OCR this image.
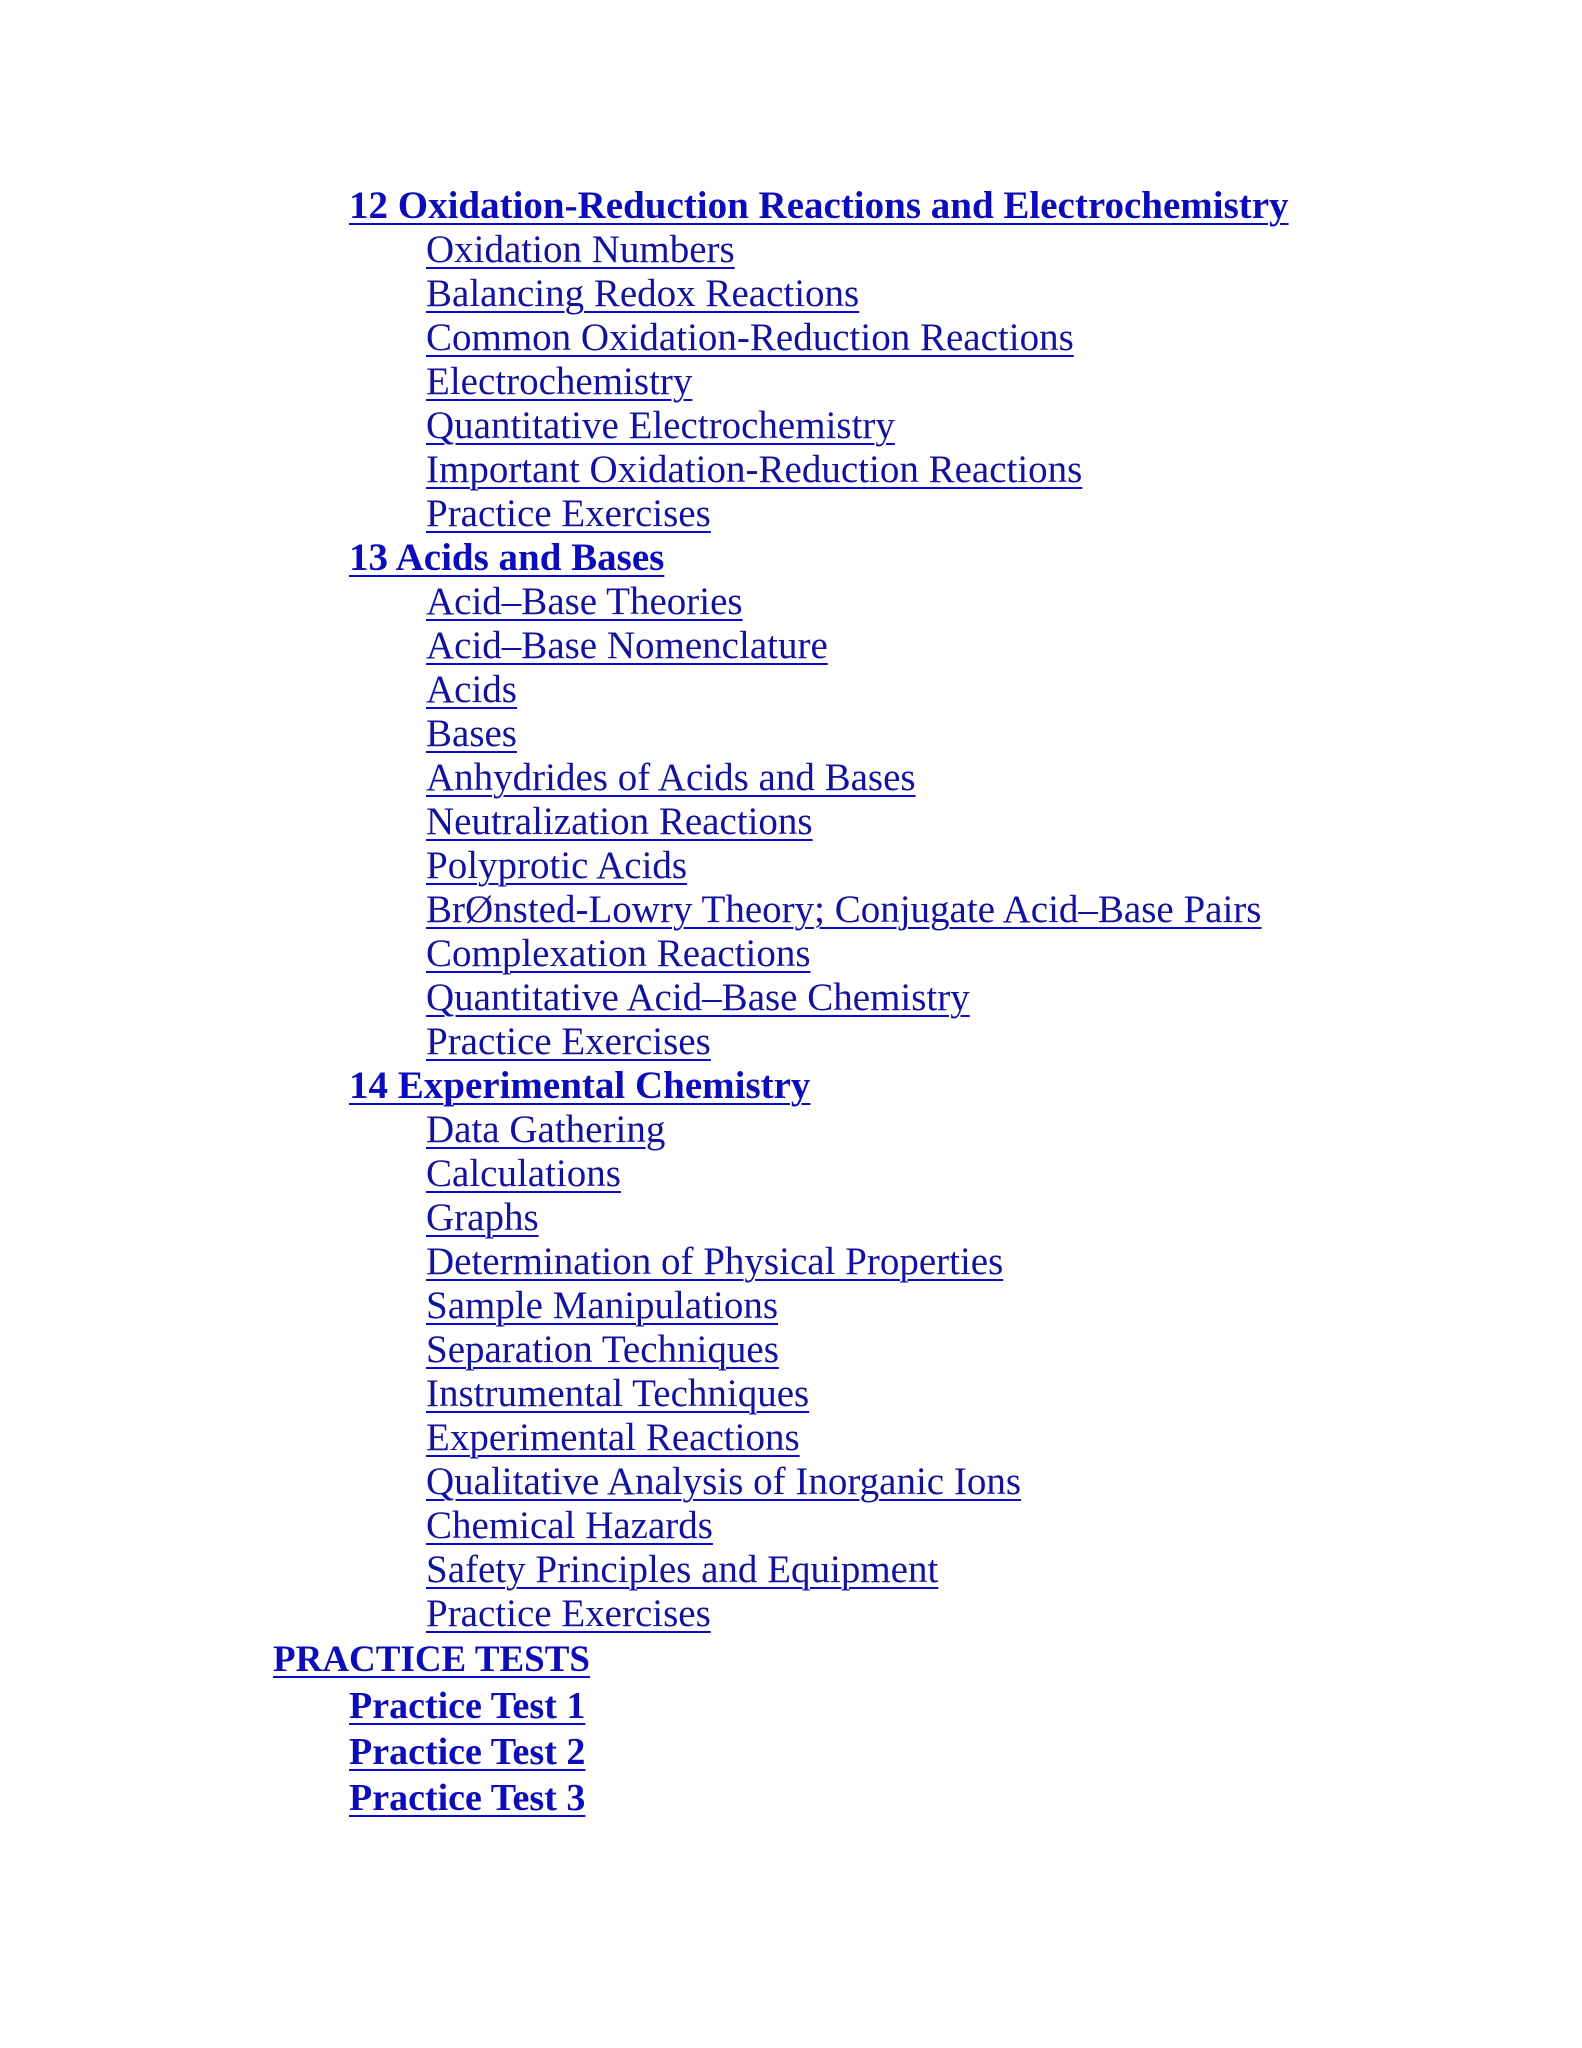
12 Oxidation-Reduction Reactions and Electrochemistry
Oxidation Numbers
Balancing Redox Reactions
Common Oxidation-Reduction Reactions
Electrochemistry
Quantitative Electrochemistry
Important Oxidation-Reduction Reactions
Practice Exercises
13 Acids and Bases
Acid–Base Theories
Acid–Base Nomenclature
Acids
Bases
Anhydrides of Acids and Bases
Neutralization Reactions
Polyprotic Acids
BrØnsted-Lowry Theory; Conjugate Acid–Base Pairs
Complexation Reactions
Quantitative Acid–Base Chemistry
Practice Exercises
14 Experimental Chemistry
Data Gathering
Calculations
Graphs
Determination of Physical Properties
Sample Manipulations
Separation Techniques
Instrumental Techniques
Experimental Reactions
Qualitative Analysis of Inorganic Ions
Chemical Hazards
Safety Principles and Equipment
Practice Exercises
PRACTICE TESTS
Practice Test 1
Practice Test 2
Practice Test 3
